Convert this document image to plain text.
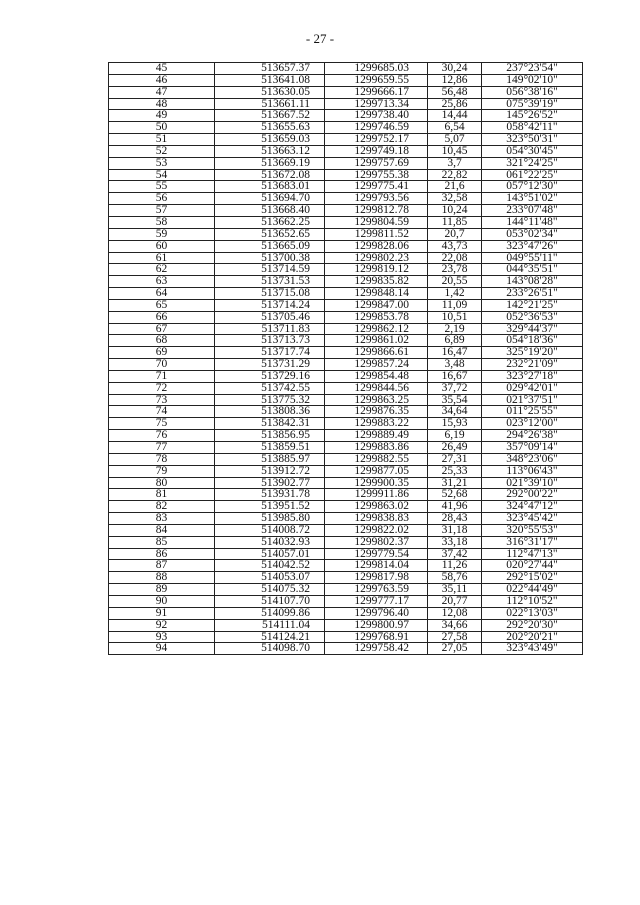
- 27 -
45	513657.37	1299685.03	30,24	237°23'54"
46	513641.08	1299659.55	12,86	149°02'10"
47	513630.05	1299666.17	56,48	056°38'16"
48	513661.11	1299713.34	25,86	075°39'19"
49	513667.52	1299738.40	14,44	145°26'52"
50	513655.63	1299746.59	6,54	058°42'11"
51	513659.03	1299752.17	5,07	323°50'31"
52	513663.12	1299749.18	10,45	054°30'45"
53	513669.19	1299757.69	3,7	321°24'25"
54	513672.08	1299755.38	22,82	061°22'25"
55	513683.01	1299775.41	21,6	057°12'30"
56	513694.70	1299793.56	32,58	143°51'02"
57	513668.40	1299812.78	10,24	233°07'48"
58	513662.25	1299804.59	11,85	144°11'48"
59	513652.65	1299811.52	20,7	053°02'34"
60	513665.09	1299828.06	43,73	323°47'26"
61	513700.38	1299802.23	22,08	049°55'11"
62	513714.59	1299819.12	23,78	044°35'51"
63	513731.53	1299835.82	20,55	143°08'28"
64	513715.08	1299848.14	1,42	233°26'51"
65	513714.24	1299847.00	11,09	142°21'25"
66	513705.46	1299853.78	10,51	052°36'53"
67	513711.83	1299862.12	2,19	329°44'37"
68	513713.73	1299861.02	6,89	054°18'36"
69	513717.74	1299866.61	16,47	325°19'20"
70	513731.29	1299857.24	3,48	232°21'09"
71	513729.16	1299854.48	16,67	323°27'18"
72	513742.55	1299844.56	37,72	029°42'01"
73	513775.32	1299863.25	35,54	021°37'51"
74	513808.36	1299876.35	34,64	011°25'55"
75	513842.31	1299883.22	15,93	023°12'00"
76	513856.95	1299889.49	6,19	294°26'38"
77	513859.51	1299883.86	26,49	357°09'14"
78	513885.97	1299882.55	27,31	348°23'06"
79	513912.72	1299877.05	25,33	113°06'43"
80	513902.77	1299900.35	31,21	021°39'10"
81	513931.78	1299911.86	52,68	292°00'22"
82	513951.52	1299863.02	41,96	324°47'12"
83	513985.80	1299838.83	28,43	323°45'42"
84	514008.72	1299822.02	31,18	320°55'53"
85	514032.93	1299802.37	33,18	316°31'17"
86	514057.01	1299779.54	37,42	112°47'13"
87	514042.52	1299814.04	11,26	020°27'44"
88	514053.07	1299817.98	58,76	292°15'02"
89	514075.32	1299763.59	35,11	022°44'49"
90	514107.70	1299777.17	20,77	112°10'52"
91	514099.86	1299796.40	12,08	022°13'03"
92	514111.04	1299800.97	34,66	292°20'30"
93	514124.21	1299768.91	27,58	202°20'21"
94	514098.70	1299758.42	27,05	323°43'49"
